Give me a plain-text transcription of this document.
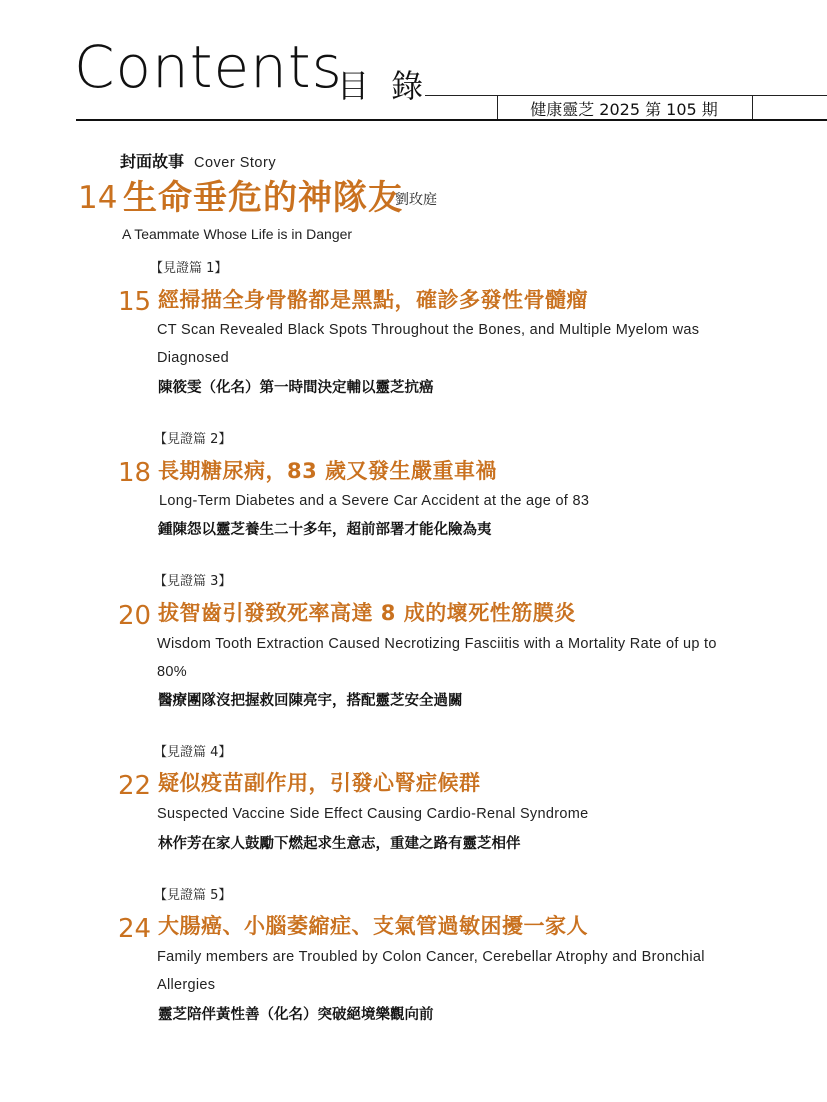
Contents
目 錄
健康靈芝 2025 第 105 期
封面故事 Cover Story
14 生命垂危的神隊友
劉玫庭
A Teammate Whose Life is in Danger
【見證篇 1】
15 經掃描全身骨骼都是黑點，確診多發性骨髓瘤
CT Scan Revealed Black Spots Throughout the Bones, and Multiple Myelom was Diagnosed
陳筱雯（化名）第一時間決定輔以靈芝抗癌
【見證篇 2】
18 長期糖尿病，83 歲又發生嚴重車禍
Long-Term Diabetes and a Severe Car Accident at the age of 83
鍾陳怨以靈芝養生二十多年，超前部署才能化險為夷
【見證篇 3】
20 拔智齒引發致死率高達 8 成的壞死性筋膜炎
Wisdom Tooth Extraction Caused Necrotizing Fasciitis with a Mortality Rate of up to 80%
醫療團隊沒把握救回陳亮宇，搭配靈芝安全過關
【見證篇 4】
22 疑似疫苗副作用，引發心腎症候群
Suspected Vaccine Side Effect Causing Cardio-Renal Syndrome
林作芳在家人鼓勵下燃起求生意志，重建之路有靈芝相伴
【見證篇 5】
24 大腸癌、小腦萎縮症、支氣管過敏困擾一家人
Family members are Troubled by Colon Cancer, Cerebellar Atrophy and Bronchial Allergies
靈芝陪伴黃性善（化名）突破絕境樂觀向前
